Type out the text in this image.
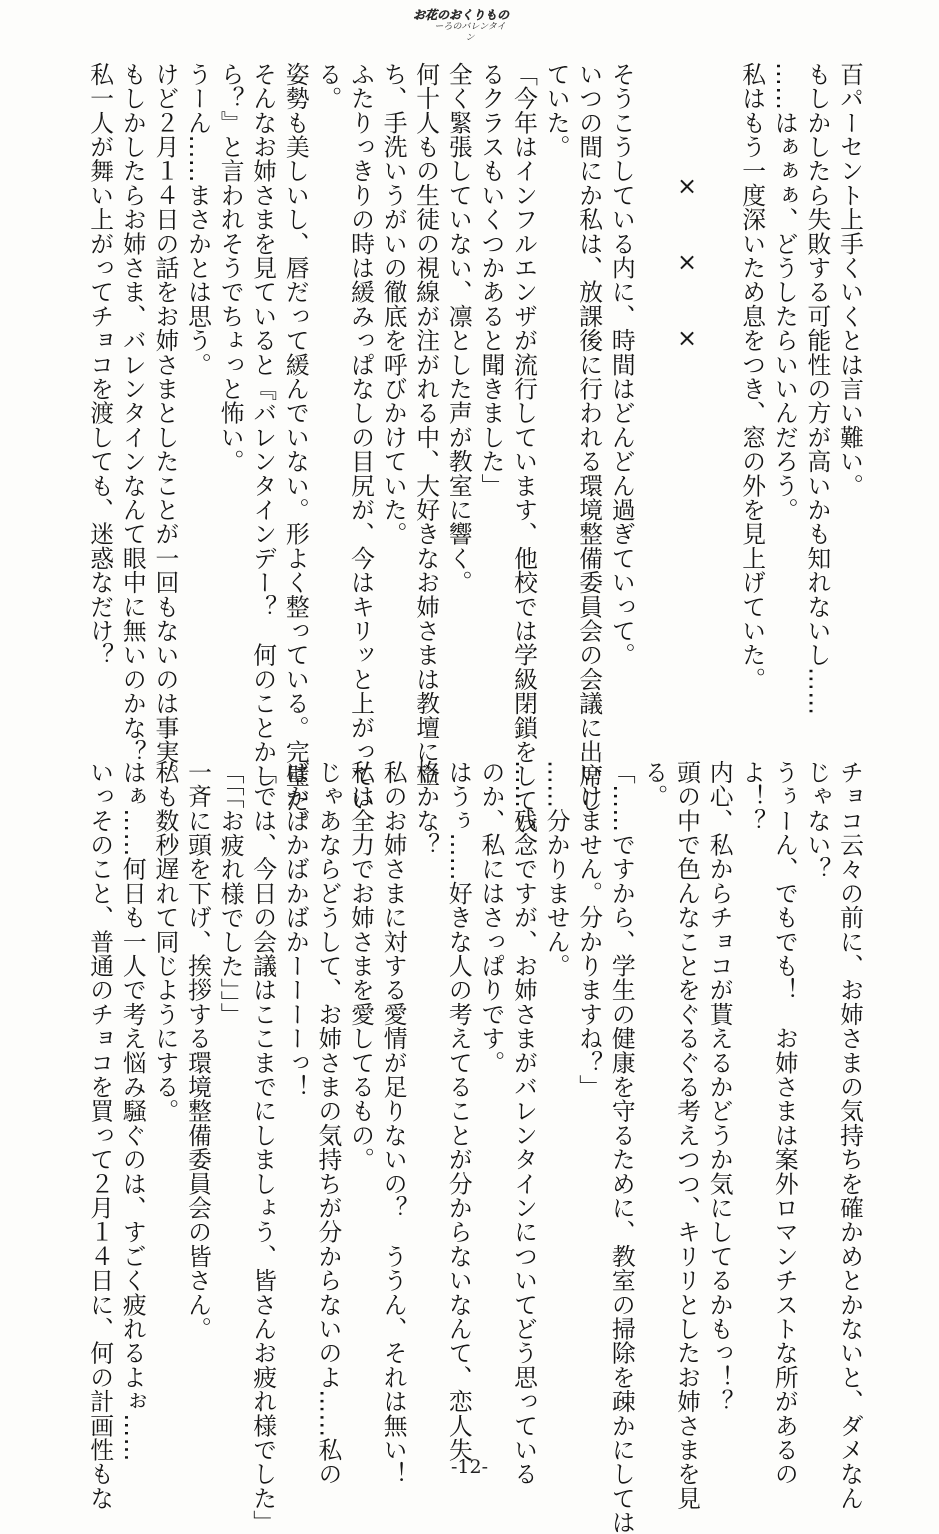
お花のおくりもの
ーろのバレンタイン
百パーセント上手くいくとは言い難い。
もしかしたら失敗する可能性の方が高いかも知れないし……
……はぁぁぁ、どうしたらいいんだろう。
私はもう一度深いため息をつき、窓の外を見上げていた。
×　　×　　×
そうこうしている内に、時間はどんどん過ぎていって。
いつの間にか私は、放課後に行われる環境整備委員会の会議に出席し
ていた。
「今年はインフルエンザが流行しています、他校では学級閉鎖をしてい
るクラスもいくつかあると聞きました」
全く緊張していない、凛とした声が教室に響く。
何十人もの生徒の視線が注がれる中、大好きなお姉さまは教壇に立
ち、手洗いうがいの徹底を呼びかけていた。
ふたりっきりの時は緩みっぱなしの目尻が、今はキリッと上がってい
る。
姿勢も美しいし、唇だって緩んでいない。形よく整っている。完璧だ。
そんなお姉さまを見ていると『バレンタインデー？　何のことかし
ら？』と言われそうでちょっと怖い。
うーん……まさかとは思う。
けど２月１４日の話をお姉さまとしたことが一回もないのは事実。
もしかしたらお姉さま、バレンタインなんて眼中に無いのかな？
私一人が舞い上がってチョコを渡しても、迷惑なだけ？
チョコ云々の前に、お姉さまの気持ちを確かめとかないと、ダメなん
じゃない？
うぅーん、でもでも！　お姉さまは案外ロマンチストな所があるの
よ！？
内心、私からチョコが貰えるかどうか気にしてるかもっ！？
頭の中で色んなことをぐるぐる考えつつ、キリリとしたお姉さまを見
る。
「……ですから、学生の健康を守るために、教室の掃除を疎かにしては
いけません。分かりますね？」
……分かりません。
……残念ですが、お姉さまがバレンタインについてどう思っている
のか、私にはさっぱりです。
はうぅ……好きな人の考えてることが分からないなんて、恋人失
格かな？
私のお姉さまに対する愛情が足りないの？　ううん、それは無い！
私は全力でお姉さまを愛してるもの。
じゃあならどうして、お姉さまの気持ちが分からないのよ……私の
ばかばかばかばかーーーーっ！
「では、今日の会議はここまでにしましょう、皆さんお疲れ様でした」
「「「お疲れ様でした」」」
一斉に頭を下げ、挨拶する環境整備委員会の皆さん。
私も数秒遅れて同じようにする。
はぁ……何日も一人で考え悩み騒ぐのは、すごく疲れるよぉ……
いっそのこと、普通のチョコを買って２月１４日に、何の計画性もな	-12-
